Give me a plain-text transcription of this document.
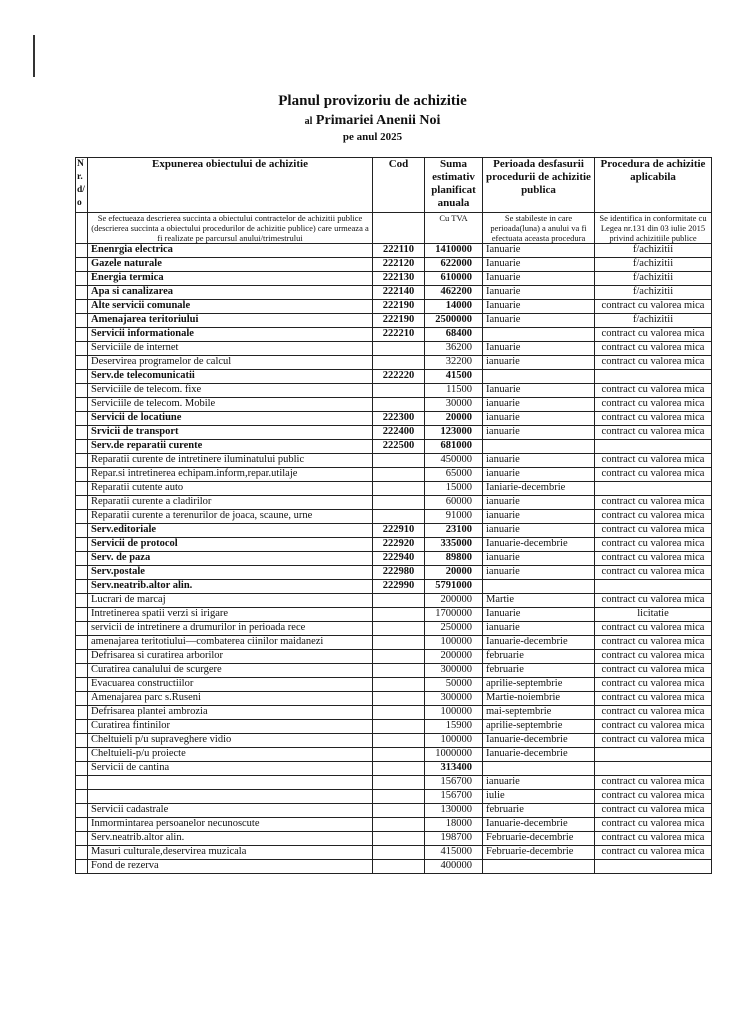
Planul provizoriu de achizitie
al Primariei Anenii Noi
pe anul 2025
N r. d/ o	Expunerea obiectului de achizitie	Cod	Suma estimativ planificat anuala	Perioada desfasurii procedurii de achizitie publica	Procedura de achizitie aplicabila
	Se efectueaza descrierea succinta a obiectului contractelor de achizitii publice (descrierea succinta a obiectului procedurilor de achizitie publice) care urmeaza a fi realizate pe parcursul anului/trimestrului		Cu TVA	Se stabileste in care perioada(luna) a anului va fi efectuata aceasta procedura	Se identifica in conformitate cu Legea nr.131 din 03 iulie 2015 privind achizitiile publice
	Enenrgia electrica	222110	1410000	Ianuarie	f/achizitii
	Gazele naturale	222120	622000	Ianuarie	f/achizitii
	Energia termica	222130	610000	Ianuarie	f/achizitii
	Apa si canalizarea	222140	462200	Ianuarie	f/achizitii
	Alte servicii comunale	222190	14000	Ianuarie	contract cu valorea mica
	Amenajarea teritoriului	222190	2500000	Ianuarie	f/achizitii
	Servicii informationale	222210	68400		contract cu valorea mica
	Serviciile de internet		36200	Ianuarie	contract cu valorea mica
	Deservirea programelor de calcul		32200	ianuarie	contract cu valorea mica
	Serv.de telecomunicatii	222220	41500		
	Serviciile de telecom. fixe		11500	Ianuarie	contract cu valorea mica
	Serviciile de telecom. Mobile		30000	ianuarie	contract cu valorea mica
	Servicii de locatiune	222300	20000	ianuarie	contract cu valorea mica
	Srvicii de transport	222400	123000	ianuarie	contract cu valorea mica
	Serv.de reparatii curente	222500	681000		
	Reparatii curente de intretinere iluminatului public		450000	ianuarie	contract cu valorea mica
	Repar.si intretinerea echipam.inform,repar.utilaje		65000	ianuarie	contract cu valorea mica
	Reparatii cutente auto		15000	Ianiarie-decembrie	
	Reparatii curente a cladirilor		60000	ianuarie	contract cu valorea mica
	Reparatii curente a terenurilor de joaca, scaune, urne		91000	ianuarie	contract cu valorea mica
	Serv.editoriale	222910	23100	ianuarie	contract cu valorea mica
	Servicii de protocol	222920	335000	Ianuarie-decembrie	contract cu valorea mica
	Serv. de paza	222940	89800	ianuarie	contract cu valorea mica
	Serv.postale	222980	20000	ianuarie	contract cu valorea mica
	Serv.neatrib.altor alin.	222990	5791000		
	Lucrari de marcaj		200000	Martie	contract cu valorea mica
	Intretinerea spatii verzi si irigare		1700000	Ianuarie	licitatie
	servicii de intretinere a drumurilor in perioada rece		250000	ianuarie	contract cu valorea mica
	amenajarea teritotiului—combaterea ciinilor maidanezi		100000	Ianuarie-decembrie	contract cu valorea mica
	Defrisarea si curatirea arborilor		200000	februarie	contract cu valorea mica
	Curatirea canalului de scurgere		300000	februarie	contract cu valorea mica
	Evacuarea constructiilor		50000	aprilie-septembrie	contract cu valorea mica
	Amenajarea parc s.Ruseni		300000	Martie-noiembrie	contract cu valorea mica
	Defrisarea plantei ambrozia		100000	mai-septembrie	contract cu valorea mica
	Curatirea fintinilor		15900	aprilie-septembrie	contract cu valorea mica
	Cheltuieli p/u supraveghere vidio		100000	Ianuarie-decembrie	contract cu valorea mica
	Cheltuieli-p/u proiecte		1000000	Ianuarie-decembrie	
	Servicii de cantina		313400		
			156700	ianuarie	contract cu valorea mica
			156700	iulie	contract cu valorea mica
	Servicii cadastrale		130000	februarie	contract cu valorea mica
	Inmormintarea persoanelor necunoscute		18000	Ianuarie-decembrie	contract cu valorea mica
	Serv.neatrib.altor alin.		198700	Februarie-decembrie	contract cu valorea mica
	Masuri culturale,deservirea muzicala		415000	Februarie-decembrie	contract cu valorea mica
	Fond de rezerva		400000		
